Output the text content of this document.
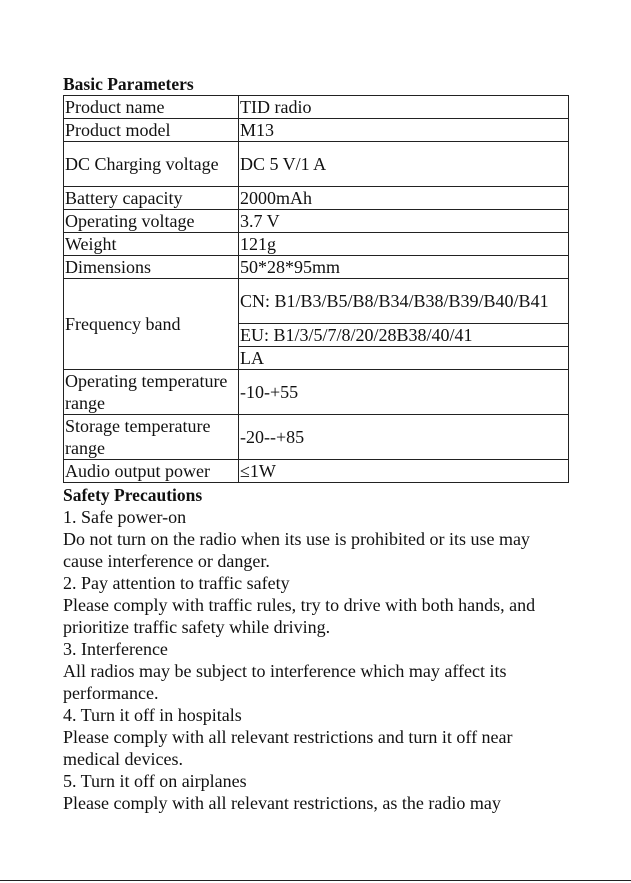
Basic Parameters
Product name	TID radio
Product model	M13
DC Charging voltage	DC 5 V/1 A
Battery capacity	2000mAh
Operating voltage	3.7 V
Weight	121g
Dimensions	50*28*95mm
Frequency band	CN: B1/B3/B5/B8/B34/B38/B39/B40/B41
	EU: B1/3/5/7/8/20/28B38/40/41
	LA
Operating temperature range	-10-+55
Storage temperature range	-20--+85
Audio output power	≤1W
Safety Precautions

1. Safe power-on

Do not turn on the radio when its use is prohibited or its use may cause interference or danger.

2. Pay attention to traffic safety

Please comply with traffic rules, try to drive with both hands, and prioritize traffic safety while driving.

3. Interference

All radios may be subject to interference which may affect its performance.

4. Turn it off in hospitals

Please comply with all relevant restrictions and turn it off near medical devices.

5. Turn it off on airplanes

Please comply with all relevant restrictions, as the radio may
